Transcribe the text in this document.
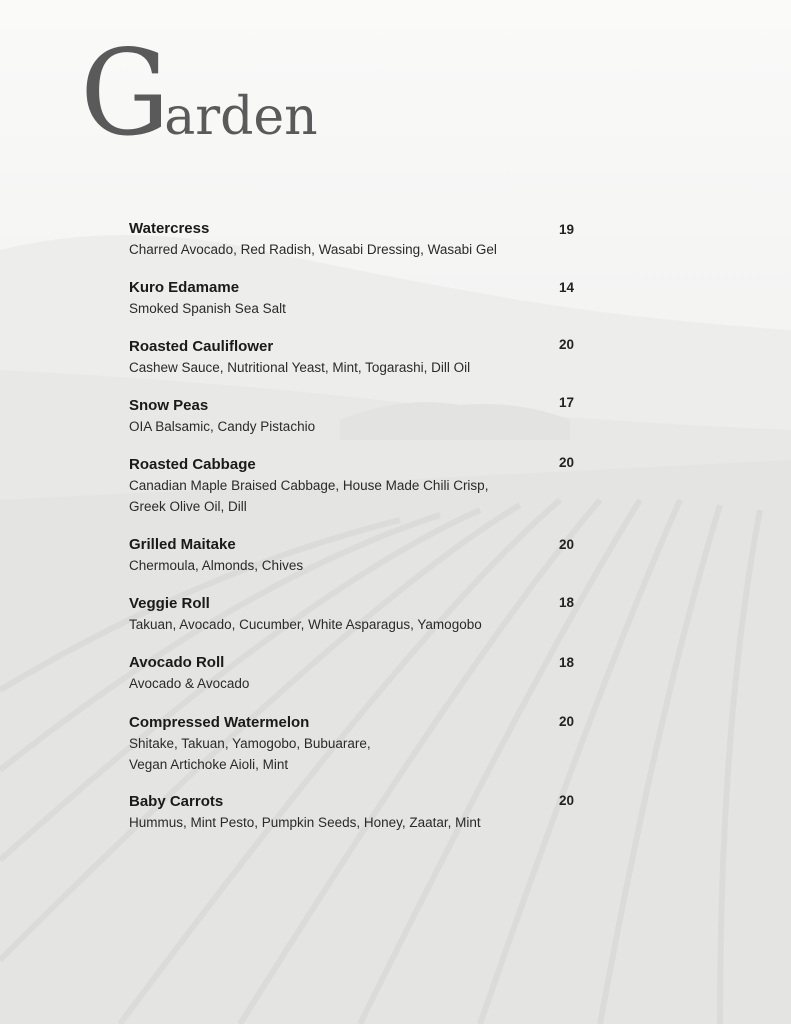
Garden
Watercress
Charred Avocado, Red Radish, Wasabi Dressing, Wasabi Gel
19
Kuro Edamame
Smoked Spanish Sea Salt
14
Roasted Cauliflower
Cashew Sauce, Nutritional Yeast, Mint, Togarashi, Dill Oil
20
Snow Peas
OIA Balsamic, Candy Pistachio
17
Roasted Cabbage
Canadian Maple Braised Cabbage, House Made Chili Crisp,
Greek Olive Oil, Dill
20
Grilled Maitake
Chermoula, Almonds, Chives
20
Veggie Roll
Takuan, Avocado, Cucumber, White Asparagus, Yamogobo
18
Avocado Roll
Avocado & Avocado
18
Compressed Watermelon
Shitake, Takuan, Yamogobo, Bubuarare,
Vegan Artichoke Aioli, Mint
20
Baby Carrots
Hummus, Mint Pesto, Pumpkin Seeds, Honey, Zaatar, Mint
20
